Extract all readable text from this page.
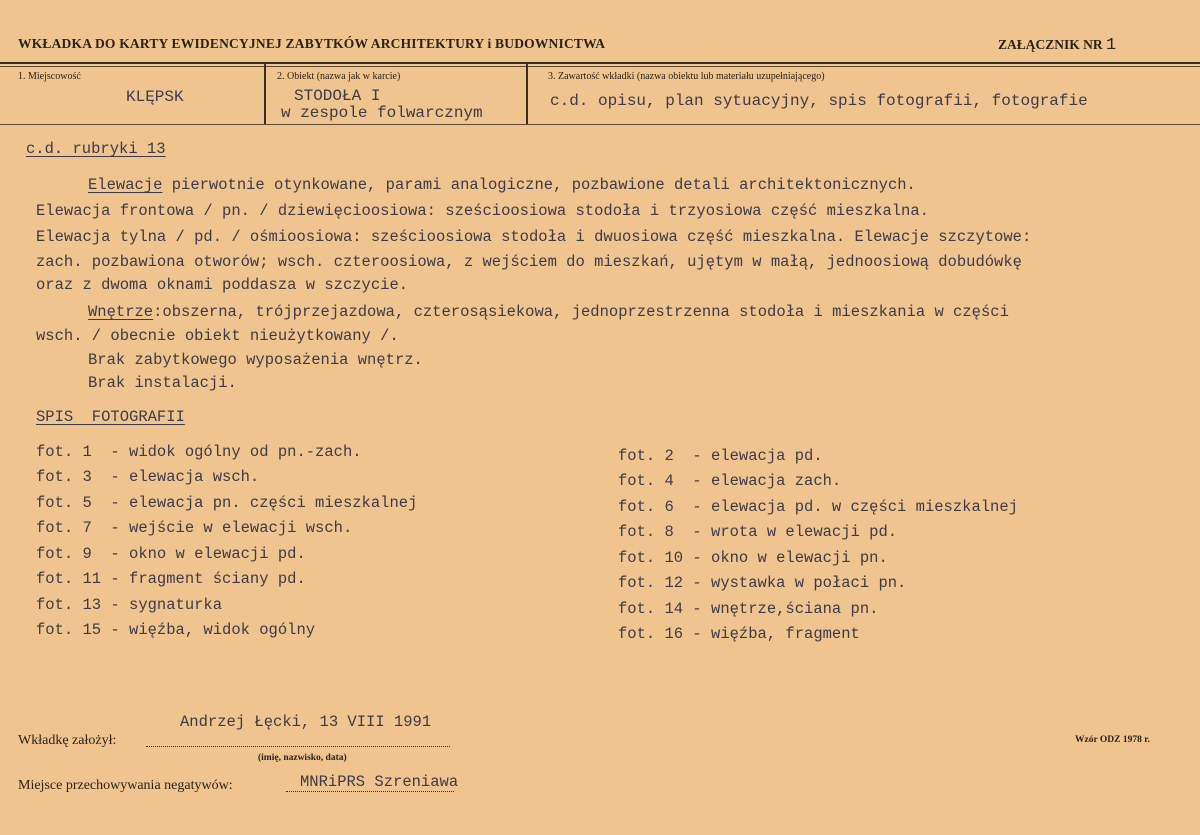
WKŁADKA DO KARTY EWIDENCYJNEJ ZABYTKÓW ARCHITEKTURY i BUDOWNICTWA	ZAŁĄCZNIK NR 1
1. Miejscowość
KLĘPSK
2. Obiekt (nazwa jak w karcie)
STODOŁA I
w zespole folwarcznym
3. Zawartość wkładki (nazwa obiektu lub materiału uzupełniającego)
c.d. opisu, plan sytuacyjny, spis fotografii, fotografie
c.d. rubryki 13
Elewacje pierwotnie otynkowane, parami analogiczne, pozbawione detali architektonicznych.
Elewacja frontowa / pn. / dziewięcioosiowa: sześcioosiowa stodoła i trzyosiowa część mieszkalna.
Elewacja tylna / pd. / ośmioosiowa: sześcioosiowa stodoła i dwuosiowa część mieszkalna. Elewacje szczytowe:
zach. pozbawiona otworów; wsch. czteroosiowa, z wejściem do mieszkań, ujętym w małą, jednoosiową dobudówkę
oraz z dwoma oknami poddasza w szczycie.
Wnętrze:obszerna, trójprzejazdowa, czterosąsiekowa, jednoprzestrzenna stodoła i mieszkania w części
wsch. / obecnie obiekt nieużytkowany /.
Brak zabytkowego wyposażenia wnętrz.
Brak instalacji.
SPIS  FOTOGRAFII
fot. 1  - widok ogólny od pn.-zach.
fot. 3  - elewacja wsch.
fot. 5  - elewacja pn. części mieszkalnej
fot. 7  - wejście w elewacji wsch.
fot. 9  - okno w elewacji pd.
fot. 11 - fragment ściany pd.
fot. 13 - sygnaturka
fot. 15 - więźba, widok ogólny
fot. 2  - elewacja pd.
fot. 4  - elewacja zach.
fot. 6  - elewacja pd. w części mieszkalnej
fot. 8  - wrota w elewacji pd.
fot. 10 - okno w elewacji pn.
fot. 12 - wystawka w połaci pn.
fot. 14 - wnętrze,ściana pn.
fot. 16 - więźba, fragment
Andrzej Łęcki, 13 VIII 1991
Wkładkę założył:
(imię, nazwisko, data)
Wzór ODZ 1978 r.
MNRiPRS Szreniawa
Miejsce przechowywania negatywów:
